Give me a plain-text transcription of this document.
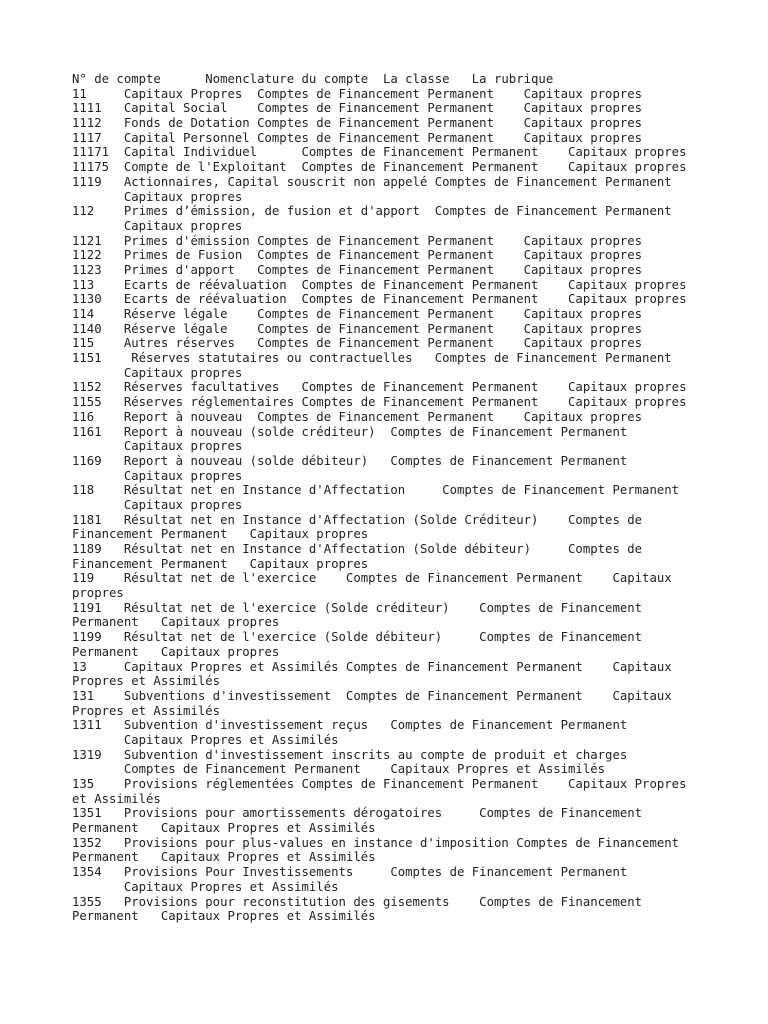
N° de compte      Nomenclature du compte  La classe   La rubrique
11     Capitaux Propres  Comptes de Financement Permanent    Capitaux propres
1111   Capital Social    Comptes de Financement Permanent    Capitaux propres
1112   Fonds de Dotation Comptes de Financement Permanent    Capitaux propres
1117   Capital Personnel Comptes de Financement Permanent    Capitaux propres
11171  Capital Individuel      Comptes de Financement Permanent    Capitaux propres
11175  Compte de l'Exploitant  Comptes de Financement Permanent    Capitaux propres
1119   Actionnaires, Capital souscrit non appelé Comptes de Financement Permanent
Capitaux propres
112    Primes d’émission, de fusion et d'apport  Comptes de Financement Permanent
Capitaux propres
1121   Primes d'émission Comptes de Financement Permanent    Capitaux propres
1122   Primes de Fusion  Comptes de Financement Permanent    Capitaux propres
1123   Primes d'apport   Comptes de Financement Permanent    Capitaux propres
113    Ecarts de réévaluation  Comptes de Financement Permanent    Capitaux propres
1130   Ecarts de réévaluation  Comptes de Financement Permanent    Capitaux propres
114    Réserve légale    Comptes de Financement Permanent    Capitaux propres
1140   Réserve légale    Comptes de Financement Permanent    Capitaux propres
115    Autres réserves   Comptes de Financement Permanent    Capitaux propres
1151    Réserves statutaires ou contractuelles   Comptes de Financement Permanent
Capitaux propres
1152   Réserves facultatives   Comptes de Financement Permanent    Capitaux propres
1155   Réserves réglementaires Comptes de Financement Permanent    Capitaux propres
116    Report à nouveau  Comptes de Financement Permanent    Capitaux propres
1161   Report à nouveau (solde créditeur)  Comptes de Financement Permanent
Capitaux propres
1169   Report à nouveau (solde débiteur)   Comptes de Financement Permanent
Capitaux propres
118    Résultat net en Instance d'Affectation     Comptes de Financement Permanent
Capitaux propres
1181   Résultat net en Instance d'Affectation (Solde Créditeur)    Comptes de
Financement Permanent   Capitaux propres
1189   Résultat net en Instance d'Affectation (Solde débiteur)     Comptes de
Financement Permanent   Capitaux propres
119    Résultat net de l'exercice    Comptes de Financement Permanent    Capitaux
propres
1191   Résultat net de l'exercice (Solde créditeur)    Comptes de Financement
Permanent   Capitaux propres
1199   Résultat net de l'exercice (Solde débiteur)     Comptes de Financement
Permanent   Capitaux propres
13     Capitaux Propres et Assimilés Comptes de Financement Permanent    Capitaux
Propres et Assimilés
131    Subventions d'investissement  Comptes de Financement Permanent    Capitaux
Propres et Assimilés
1311   Subvention d'investissement reçus   Comptes de Financement Permanent
Capitaux Propres et Assimilés
1319   Subvention d'investissement inscrits au compte de produit et charges
Comptes de Financement Permanent    Capitaux Propres et Assimilés
135    Provisions réglementées Comptes de Financement Permanent    Capitaux Propres
et Assimilés
1351   Provisions pour amortissements dérogatoires     Comptes de Financement
Permanent   Capitaux Propres et Assimilés
1352   Provisions pour plus-values en instance d'imposition Comptes de Financement
Permanent   Capitaux Propres et Assimilés
1354   Provisions Pour Investissements     Comptes de Financement Permanent
Capitaux Propres et Assimilés
1355   Provisions pour reconstitution des gisements    Comptes de Financement
Permanent   Capitaux Propres et Assimilés
